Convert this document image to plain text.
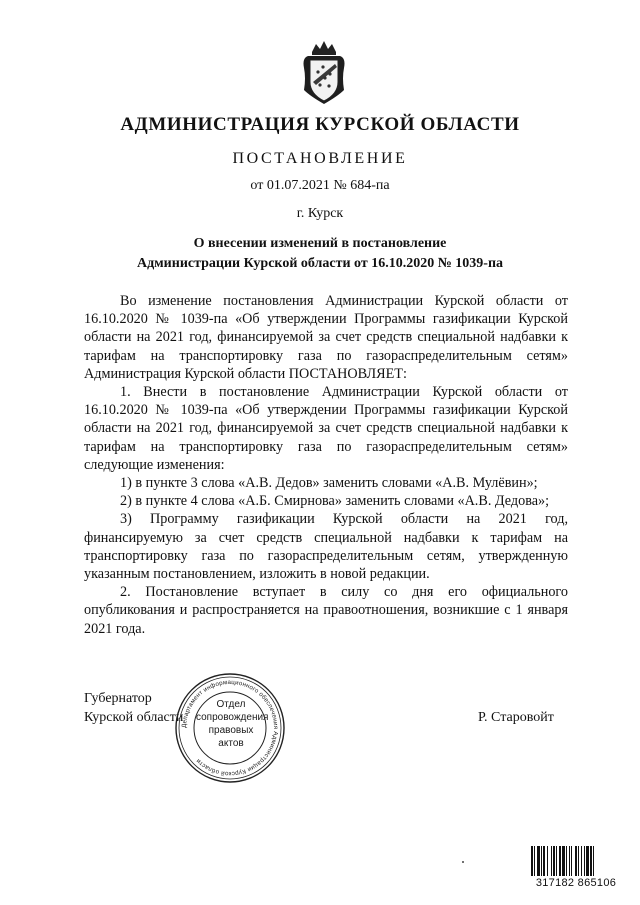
АДМИНИСТРАЦИЯ КУРСКОЙ ОБЛАСТИ
ПОСТАНОВЛЕНИЕ
от 01.07.2021 № 684-па
г. Курск
О внесении изменений в постановление
Администрации Курской области от 16.10.2020 № 1039-па

Во изменение постановления Администрации Курской области от 16.10.2020 № 1039-па «Об утверждении Программы газификации Курской области на 2021 год, финансируемой за счет средств специальной надбавки к тарифам на транспортировку газа по газораспределительным сетям» Администрация Курской области ПОСТАНОВЛЯЕТ:

1. Внести в постановление Администрации Курской области от 16.10.2020 № 1039-па «Об утверждении Программы газификации Курской области на 2021 год, финансируемой за счет средств специальной надбавки к тарифам на транспортировку газа по газораспределительным сетям» следующие изменения:

1) в пункте 3 слова «А.В. Дедов» заменить словами «А.В. Мулёвин»;

2) в пункте 4 слова «А.Б. Смирнова» заменить словами «А.В. Дедова»;

3) Программу газификации Курской области на 2021 год, финансируемую за счет средств специальной надбавки к тарифам на транспортировку газа по газораспределительным сетям, утвержденную указанным постановлением, изложить в новой редакции.

2. Постановление вступает в силу со дня его официального опубликования и распространяется на правоотношения, возникшие с 1 января 2021 года.

Губернатор
Курской области	Р. Старовойт
Департамент информационного обеспечения Администрации Курской области
Отдел
сопровождения
правовых
актов
317182 865106
